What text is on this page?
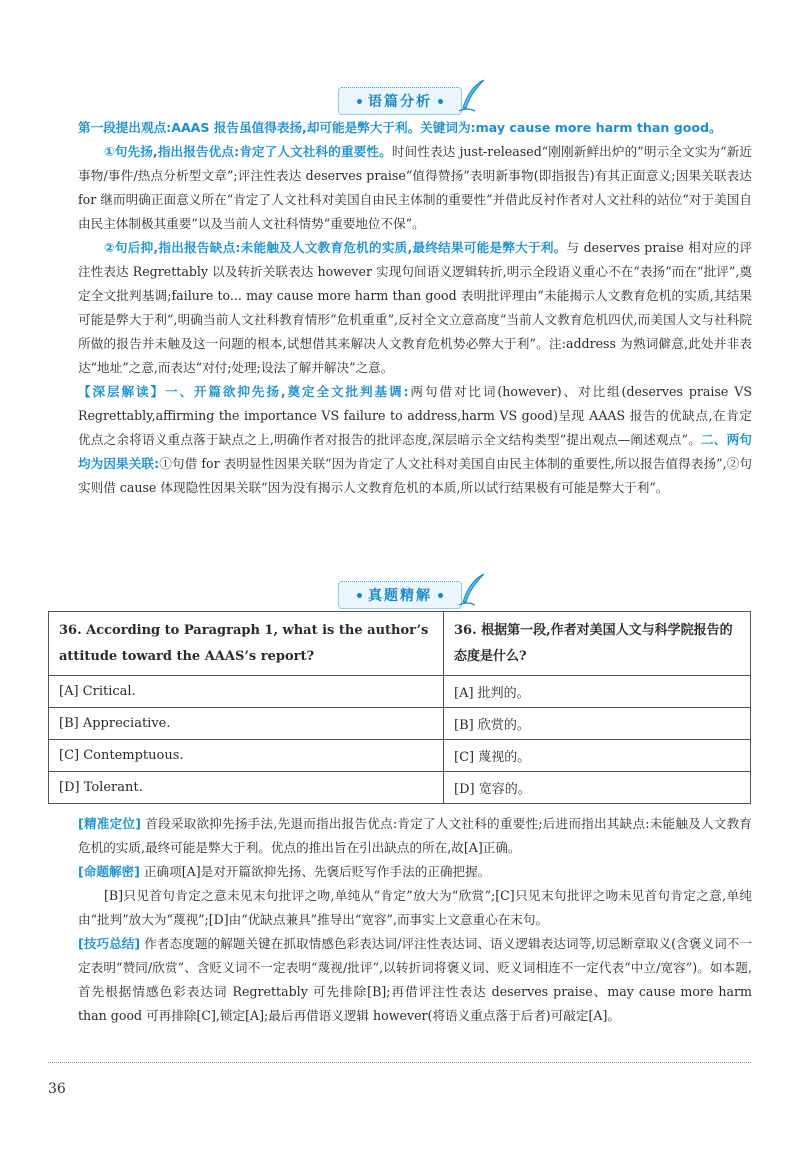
语篇分析

第一段提出观点:AAAS 报告虽值得表扬,却可能是弊大于利。关键词为:may cause more harm than good。

①句先扬,指出报告优点:肯定了人文社科的重要性。时间性表达 just-released“刚刚新鲜出炉的”明示全文实为“新近事物/事件/热点分析型文章”;评注性表达 deserves praise“值得赞扬”表明新事物(即指报告)有其正面意义;因果关联表达 for 继而明确正面意义所在“肯定了人文社科对美国自由民主体制的重要性”并借此反衬作者对人文社科的站位“对于美国自由民主体制极其重要”以及当前人文社科情势“重要地位不保”。

②句后抑,指出报告缺点:未能触及人文教育危机的实质,最终结果可能是弊大于利。与 deserves praise 相对应的评注性表达 Regrettably 以及转折关联表达 however 实现句间语义逻辑转折,明示全段语义重心不在“表扬”而在“批评”,奠定全文批判基调;failure to... may cause more harm than good 表明批评理由“未能揭示人文教育危机的实质,其结果可能是弊大于利”,明确当前人文社科教育情形“危机重重”,反衬全文立意高度“当前人文教育危机四伏,而美国人文与社科院所做的报告并未触及这一问题的根本,试想借其来解决人文教育危机势必弊大于利”。注:address 为熟词僻意,此处并非表达“地址”之意,而表达“对付;处理;设法了解并解决”之意。

【深层解读】一、开篇欲抑先扬,奠定全文批判基调:两句借对比词(however)、对比组(deserves praise VS Regrettably,affirming the importance VS failure to address,harm VS good)呈现 AAAS 报告的优缺点,在肯定优点之余将语义重点落于缺点之上,明确作者对报告的批评态度,深层暗示全文结构类型“提出观点—阐述观点”。二、两句均为因果关联:①句借 for 表明显性因果关联“因为肯定了人文社科对美国自由民主体制的重要性,所以报告值得表扬”,②句实则借 cause 体现隐性因果关联“因为没有揭示人文教育危机的本质,所以试行结果极有可能是弊大于利”。

真题精解
36. According to Paragraph 1, what is the author’s attitude toward the AAAS’s report?	36. 根据第一段,作者对美国人文与科学院报告的态度是什么?
[A] Critical.	[A] 批判的。
[B] Appreciative.	[B] 欣赏的。
[C] Contemptuous.	[C] 蔑视的。
[D] Tolerant.	[D] 宽容的。

[精准定位] 首段采取欲抑先扬手法,先退而指出报告优点:肯定了人文社科的重要性;后进而指出其缺点:未能触及人文教育危机的实质,最终可能是弊大于利。优点的推出旨在引出缺点的所在,故[A]正确。

[命题解密] 正确项[A]是对开篇欲抑先扬、先褒后贬写作手法的正确把握。

[B]只见首句肯定之意未见末句批评之吻,单纯从“肯定”放大为“欣赏”;[C]只见末句批评之吻未见首句肯定之意,单纯由“批判”放大为“蔑视”;[D]由“优缺点兼具”推导出“宽容”,而事实上文意重心在末句。

[技巧总结] 作者态度题的解题关键在抓取情感色彩表达词/评注性表达词、语义逻辑表达词等,切忌断章取义(含褒义词不一定表明“赞同/欣赏”、含贬义词不一定表明“蔑视/批评”,以转折词将褒义词、贬义词相连不一定代表“中立/宽容”)。如本题,首先根据情感色彩表达词 Regrettably 可先排除[B];再借评注性表达 deserves praise、may cause more harm than good 可再排除[C],锁定[A];最后再借语义逻辑 however(将语义重点落于后者)可敲定[A]。

36
